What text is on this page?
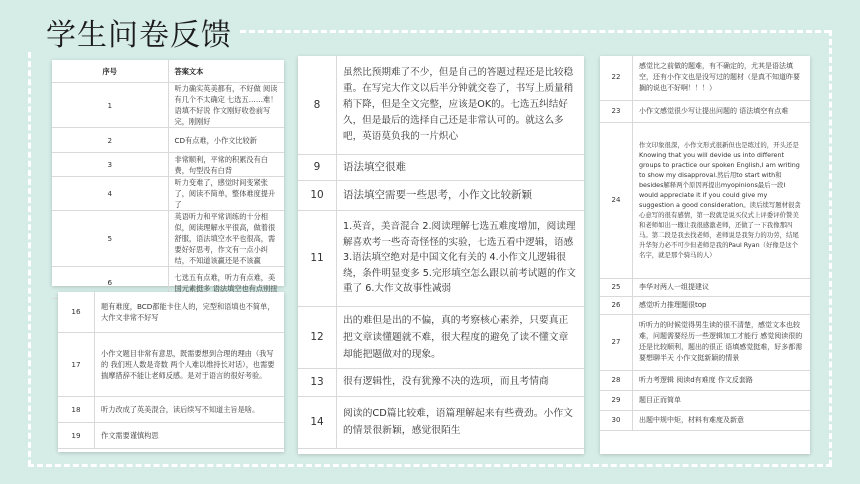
学生问卷反馈
序号	答案文本
1	听力确实英美都有，不好做 阅读有几个不太确定 七选五……难！ 语填不好说 作文刚好收卷前写完，刚刚好
2	CD有点难，小作文比较新
3	非常顺利，平常的积累没有白费，句型没有白背
4	听力变难了，感觉时间变紧张了，阅读不简单，整体难度提升了
5	英语听力和平常训练的十分相似，阅读理解水平很高，做着很舒服，语法填空水平也很高，需要好好思考，作文有一点小纠结，不知道该赢还是不该赢
6	七选五有点难，听力有点难，美国元素挺多 语法填空也有点别扭
16	题有难度，BCD都能卡住人的，完型和语填也不简单，大作文非常不好写
17	小作文题目非常有意思，既需要想到合理的理由（我写的 我们班人数是奇数 两个人难以维持长对话），也需要揣摩措辞不能让老师反感。是对于语言的很好考验。
18	听力改成了英美混合，读后续写不知道主旨是啥。
19	作文需要谨慎构思
8	虽然比预期难了不少，但是自己的答题过程还是比较稳重。在写完大作文以后半分钟就交卷了，书写上质量稍稍下降，但是全文完整，应该是OK的。七选五纠结好久，但是最后的选择自己还是非常认可的。就这么多吧，英语莫负我的一片炽心
9	语法填空很难
10	语法填空需要一些思考，小作文比较新颖
11	1.英音，美音混合 2.阅读理解七选五难度增加，阅读理解喜欢考一些奇奇怪怪的实验，七选五看中逻辑，语感 3.语法填空绝对是中国文化有关的 4.小作文儿逻辑很绕，条件明显变多 5.完形填空怎么跟以前考试题的作文重了 6.大作文故事性减弱
12	出的难但是出的不偏，真的考察核心素养，只要真正把文章读懂题就不难，很大程度的避免了读不懂文章却能把题做对的现象。
13	很有逻辑性，没有犹豫不决的选项，而且考情商
14	阅读的CD篇比较难，语篇理解起来有些费劲。小作文的情景很新颖，感觉很陌生
22	感觉比之前做的题难，有不确定的，尤其是语法填空，还有小作文也是没写过的题材（是真不知道昨要搁的说也不好啊！！！）
23	小作文感觉很少写让提出问题的 语法填空有点难
24	作文印象很深，小作文形式很新但也是练过的，开头还是Knowing that you will devide us into different groups to practice our spoken English,I am writing to show my disapproval.然后用to start with和besides解释两个原因再提出myopinions最后一段I would appreciate it if you could give my suggestion a good consideration。读后续写题材很贪心意写的很有感情，第一段就是说买仪式上评委评价赞美和老师如出一辙让我很感激老师，还做了一下我像那四马。第二段是我去找老师，老师说是我努力的功劳，结尾升华努力必不可少但老师是我的Paul Ryan（好像是这个名字，就是那个骑马的人）
25	李华对两人一组提建议
26	感觉听力推理题很top
27	听听力的时候觉得男生读的很不清楚，感觉文本也较难，问题需要经历一些逻辑加工才能行 感觉阅读很的还是比较顺利，题出的很正 语填感觉挺难，好多都需要想聊半天 小作文挺新颖的情景
28	听力考逻辑 阅读d有难度 作文反套路
29	题目正而简单
30	出题中规中矩，材料有难度及新意
